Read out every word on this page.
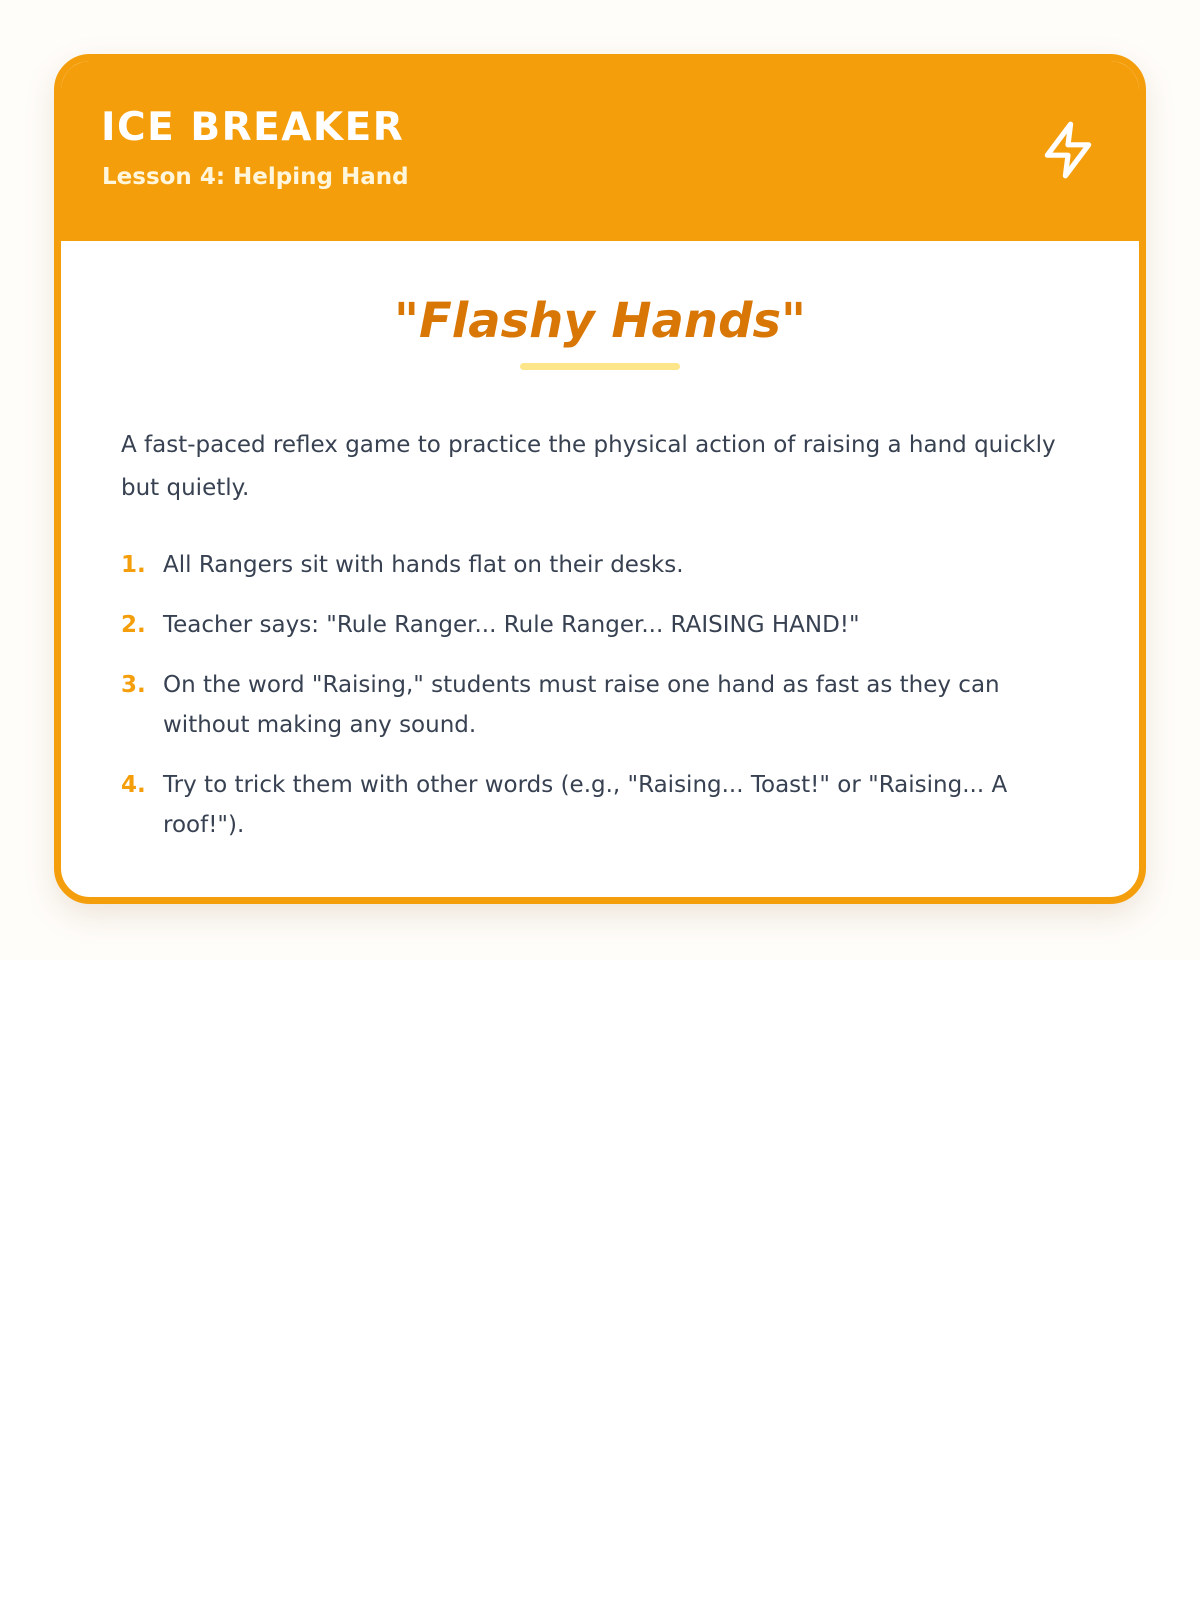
ICE BREAKER
Lesson 4: Helping Hand
"Flashy Hands"

A fast-paced reflex game to practice the physical action of raising a hand quickly but quietly.

1. All Rangers sit with hands flat on their desks.
2. Teacher says: "Rule Ranger... Rule Ranger... RAISING HAND!"
3. On the word "Raising," students must raise one hand as fast as they can without making any sound.
4. Try to trick them with other words (e.g., "Raising... Toast!" or "Raising... A roof!").
